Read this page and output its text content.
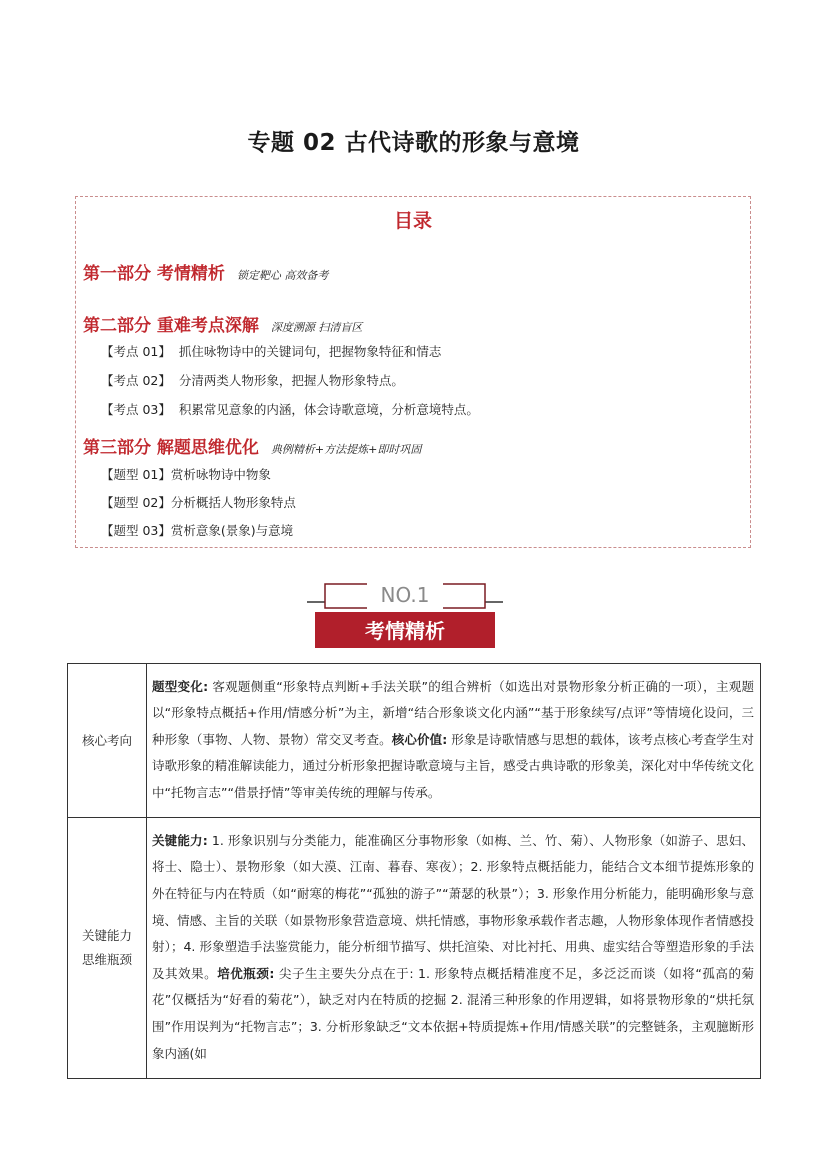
专题 02 古代诗歌的形象与意境
目录
第一部分 考情精析 锁定靶心 高效备考
第二部分 重难考点深解 深度溯源 扫清盲区
【考点 01】 抓住咏物诗中的关键词句，把握物象特征和情志
【考点 02】 分清两类人物形象，把握人物形象特点。
【考点 03】 积累常见意象的内涵，体会诗歌意境，分析意境特点。
第三部分 解题思维优化 典例精析+方法提炼+即时巩固
【题型 01】赏析咏物诗中物象
【题型 02】分析概括人物形象特点
【题型 03】赏析意象(景象)与意境
NO.1
考情精析
核心考向	题型变化: 客观题侧重“形象特点判断+手法关联”的组合辨析（如选出对景物形象分析正确的一项），主观题以“形象特点概括+作用/情感分析”为主，新增“结合形象谈文化内涵”“基于形象续写/点评”等情境化设问，三种形象（事物、人物、景物）常交叉考查。核心价值: 形象是诗歌情感与思想的载体，该考点核心考查学生对诗歌形象的精准解读能力，通过分析形象把握诗歌意境与主旨，感受古典诗歌的形象美，深化对中华传统文化中“托物言志”“借景抒情”等审美传统的理解与传承。
关键能力
思维瓶颈	关键能力: 1. 形象识别与分类能力，能准确区分事物形象（如梅、兰、竹、菊）、人物形象（如游子、思妇、将士、隐士）、景物形象（如大漠、江南、暮春、寒夜）；2. 形象特点概括能力，能结合文本细节提炼形象的外在特征与内在特质（如“耐寒的梅花”“孤独的游子”“萧瑟的秋景”）；3. 形象作用分析能力，能明确形象与意境、情感、主旨的关联（如景物形象营造意境、烘托情感，事物形象承载作者志趣，人物形象体现作者情感投射）；4. 形象塑造手法鉴赏能力，能分析细节描写、烘托渲染、对比衬托、用典、虚实结合等塑造形象的手法及其效果。培优瓶颈: 尖子生主要失分点在于: 1. 形象特点概括精准度不足，多泛泛而谈（如将“孤高的菊花”仅概括为“好看的菊花”），缺乏对内在特质的挖掘 2. 混淆三种形象的作用逻辑，如将景物形象的“烘托氛围”作用误判为“托物言志”；3. 分析形象缺乏“文本依据+特质提炼+作用/情感关联”的完整链条，主观臆断形象内涵(如
